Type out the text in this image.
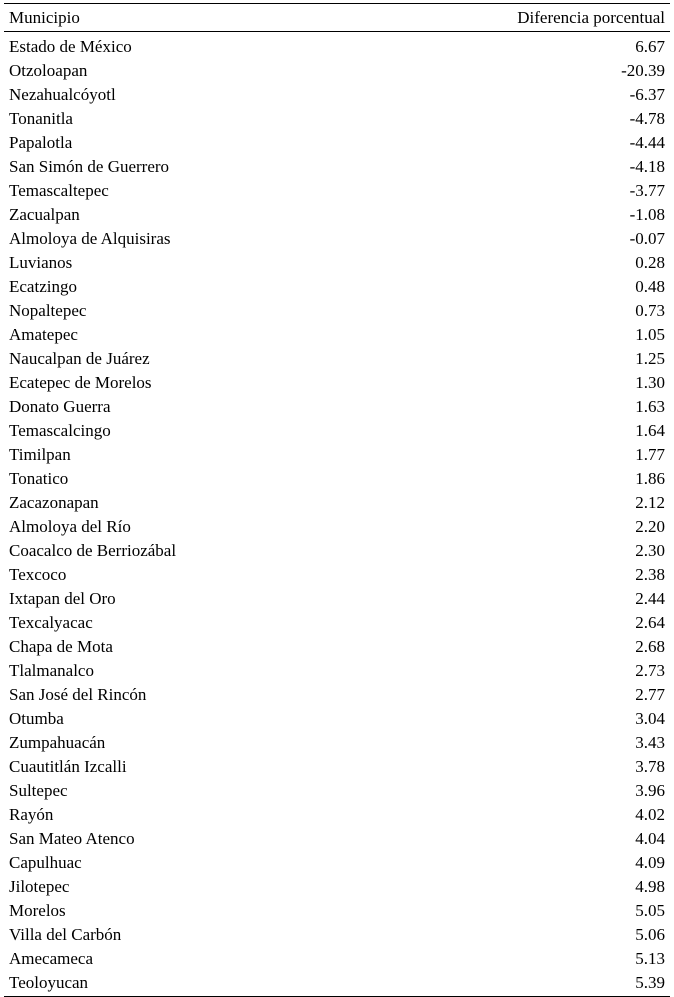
Municipio	Diferencia porcentual
Estado de México	6.67
Otzoloapan	-20.39
Nezahualcóyotl	-6.37
Tonanitla	-4.78
Papalotla	-4.44
San Simón de Guerrero	-4.18
Temascaltepec	-3.77
Zacualpan	-1.08
Almoloya de Alquisiras	-0.07
Luvianos	0.28
Ecatzingo	0.48
Nopaltepec	0.73
Amatepec	1.05
Naucalpan de Juárez	1.25
Ecatepec de Morelos	1.30
Donato Guerra	1.63
Temascalcingo	1.64
Timilpan	1.77
Tonatico	1.86
Zacazonapan	2.12
Almoloya del Río	2.20
Coacalco de Berriozábal	2.30
Texcoco	2.38
Ixtapan del Oro	2.44
Texcalyacac	2.64
Chapa de Mota	2.68
Tlalmanalco	2.73
San José del Rincón	2.77
Otumba	3.04
Zumpahuacán	3.43
Cuautitlán Izcalli	3.78
Sultepec	3.96
Rayón	4.02
San Mateo Atenco	4.04
Capulhuac	4.09
Jilotepec	4.98
Morelos	5.05
Villa del Carbón	5.06
Amecameca	5.13
Teoloyucan	5.39
